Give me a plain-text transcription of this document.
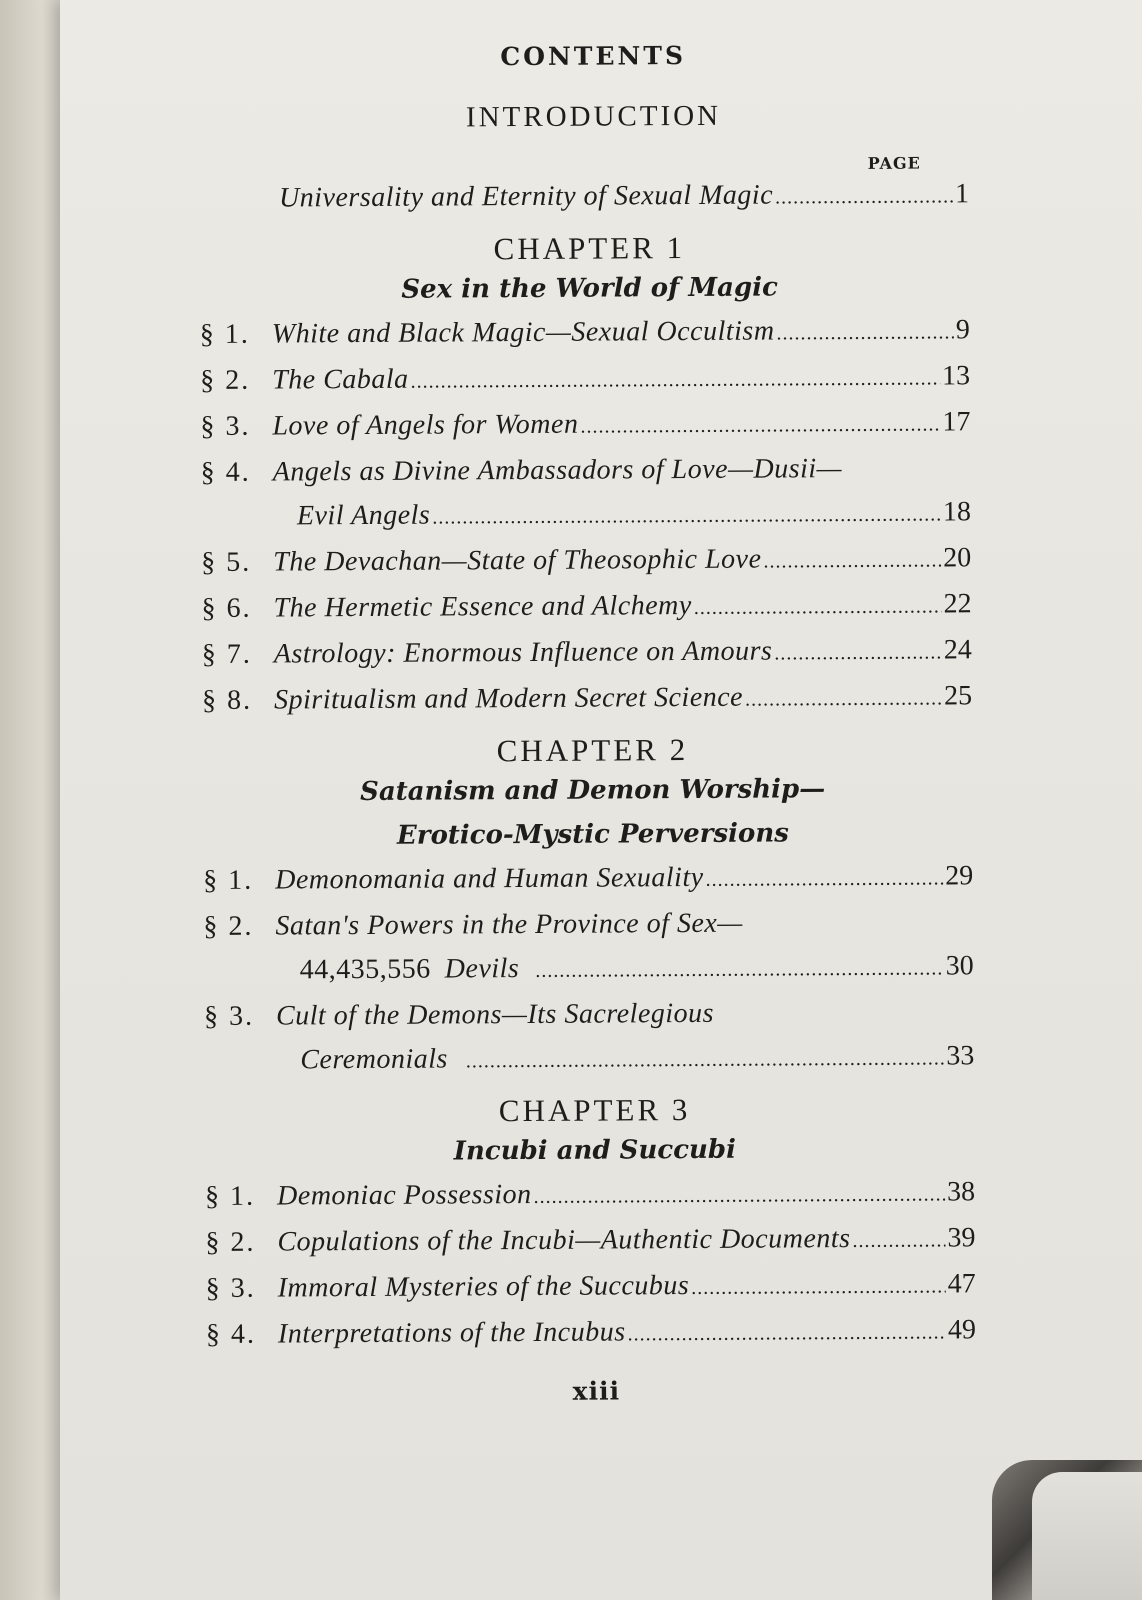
CONTENTS
INTRODUCTION
PAGE
Universality and Eternity of Sexual Magic .....	1
CHAPTER 1
Sex in the World of Magic
§ 1. White and Black Magic—Sexual Occultism .....	9
§ 2. The Cabala .....	13
§ 3. Love of Angels for Women .....	17
§ 4. Angels as Divine Ambassadors of Love—Dusii—
Evil Angels .....	18
§ 5. The Devachan—State of Theosophic Love .....	20
§ 6. The Hermetic Essence and Alchemy .....	22
§ 7. Astrology: Enormous Influence on Amours .....	24
§ 8. Spiritualism and Modern Secret Science .....	25
CHAPTER 2
Satanism and Demon Worship—
Erotico-Mystic Perversions
§ 1. Demonomania and Human Sexuality .....	29
§ 2. Satan's Powers in the Province of Sex—
44,435,556 Devils .....	30
§ 3. Cult of the Demons—Its Sacrelegious
Ceremonials .....	33
CHAPTER 3
Incubi and Succubi
§ 1. Demoniac Possession .....	38
§ 2. Copulations of the Incubi—Authentic Documents .....	39
§ 3. Immoral Mysteries of the Succubus .....	47
§ 4. Interpretations of the Incubus .....	49
xiii
